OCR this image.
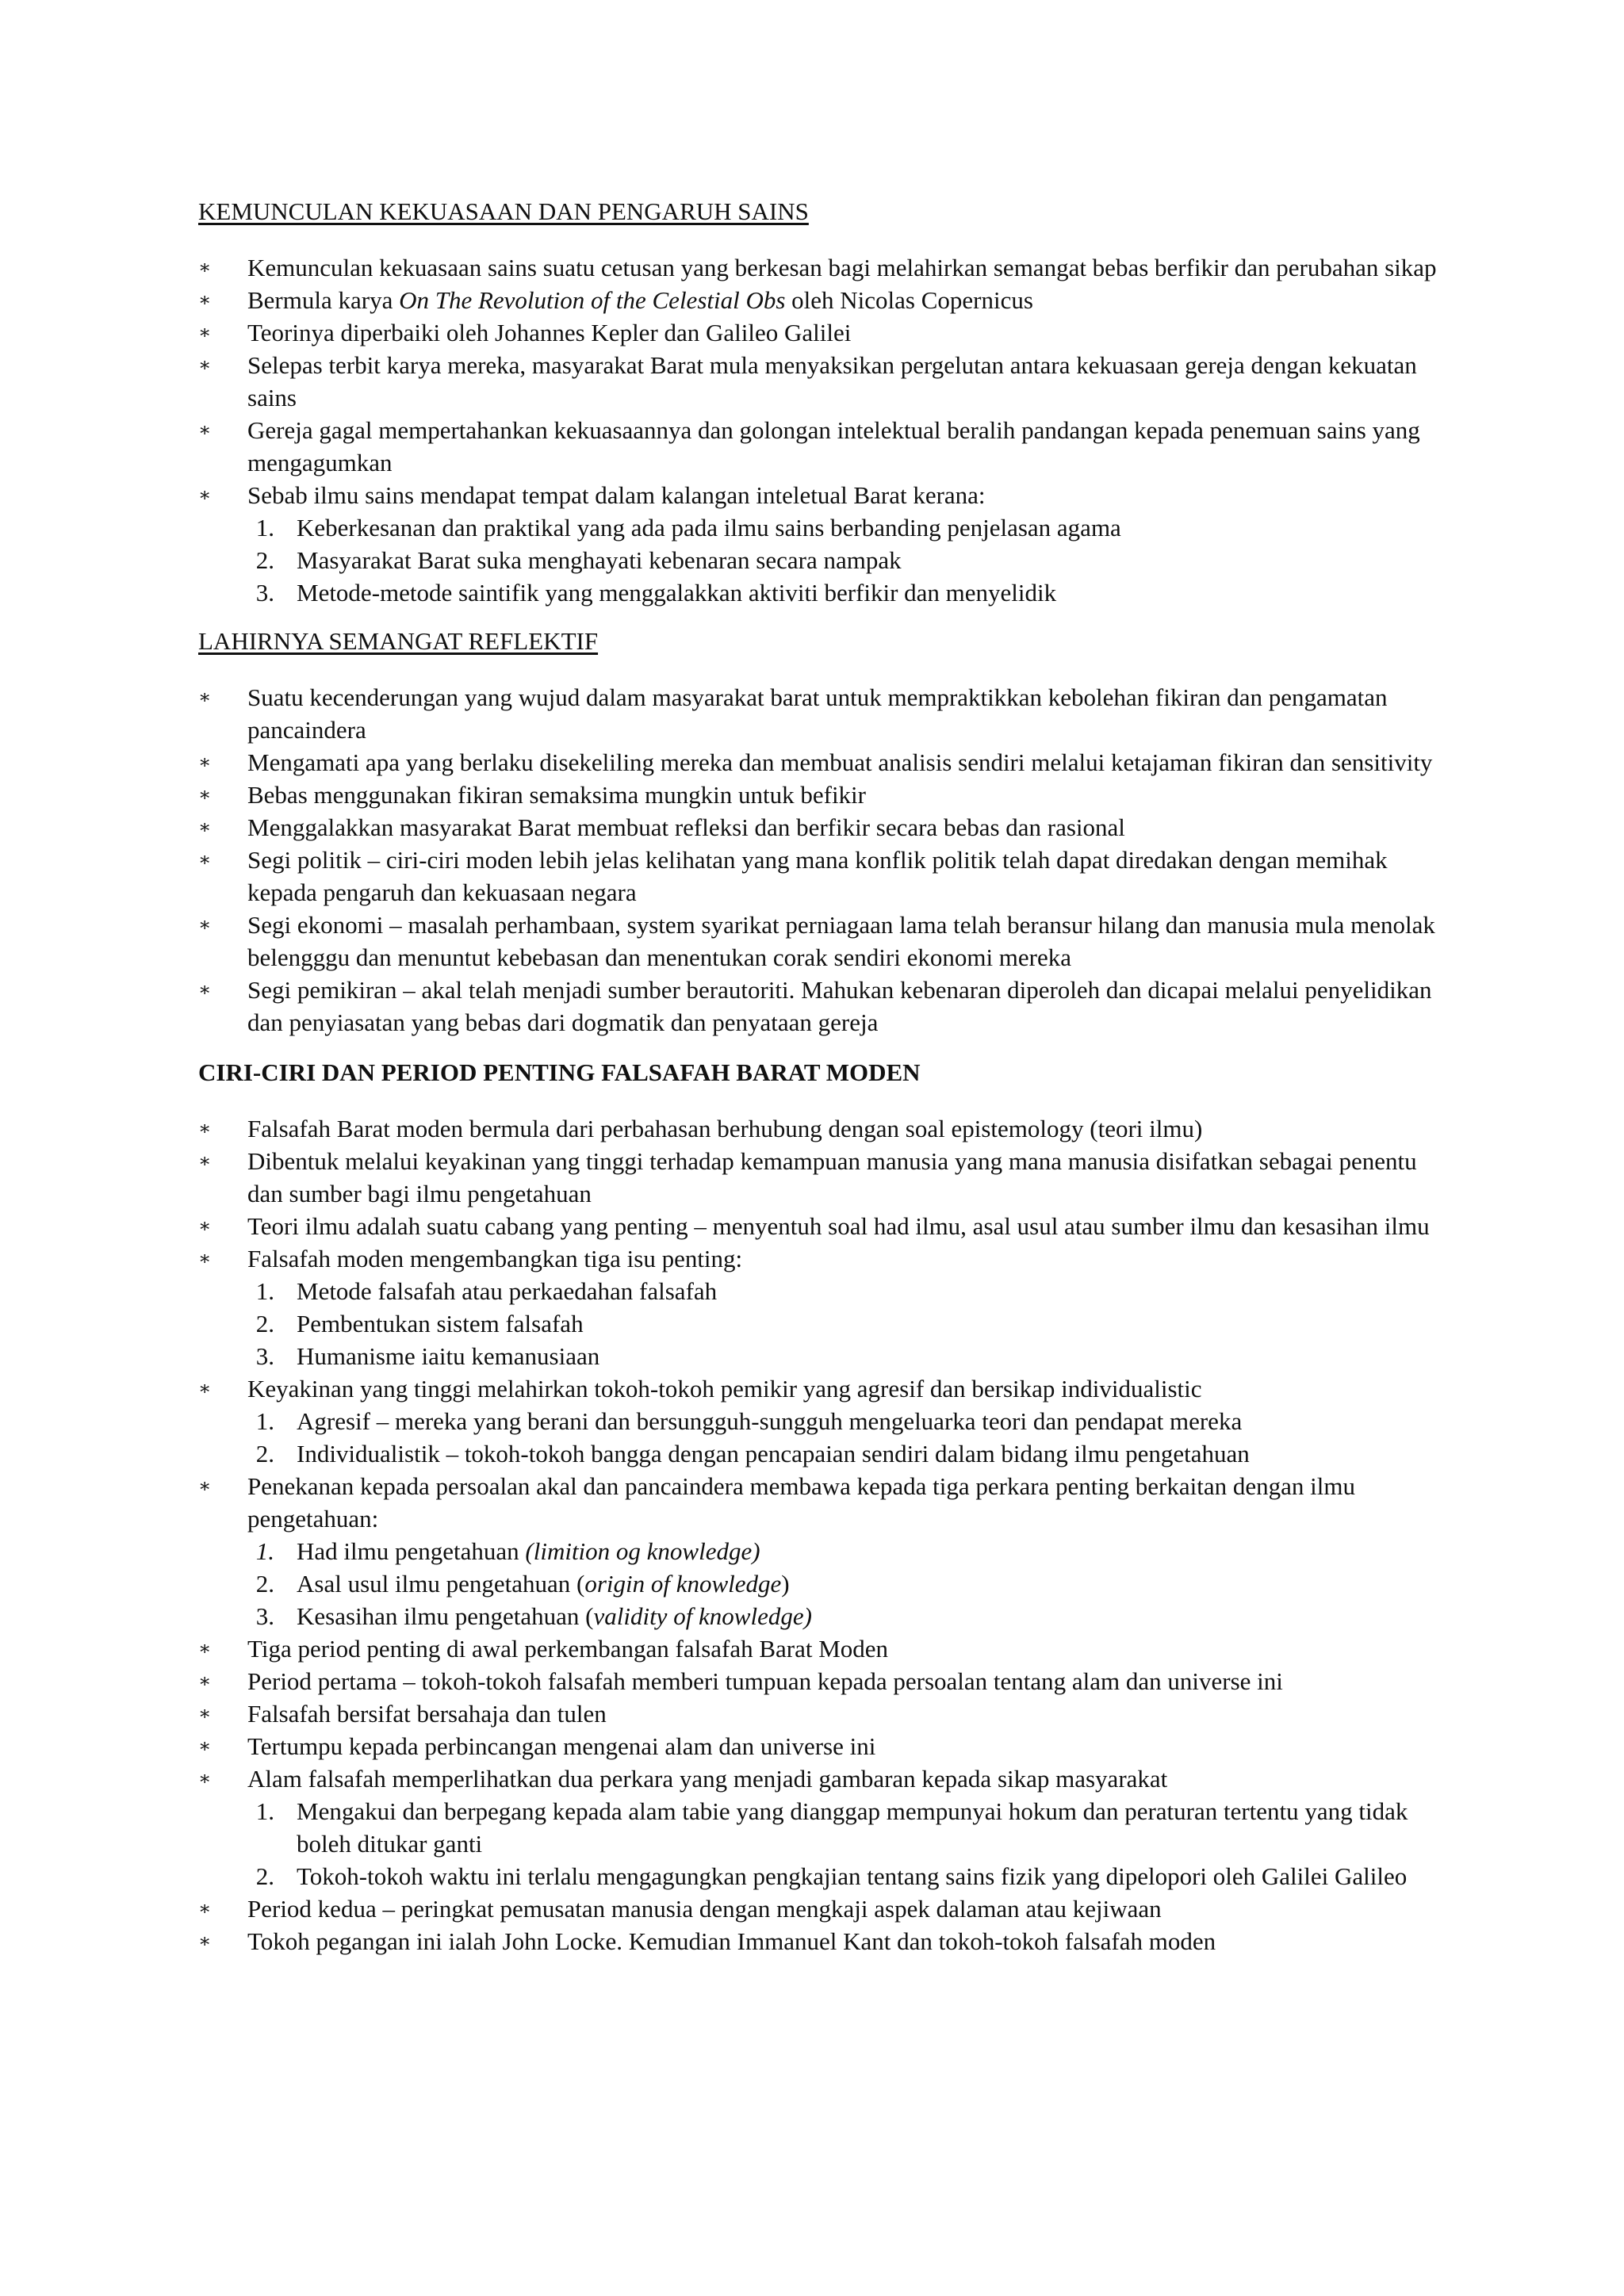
KEMUNCULAN KEKUASAAN DAN PENGARUH SAINS
∗ Kemunculan kekuasaan sains suatu cetusan yang berkesan bagi melahirkan semangat bebas berfikir dan perubahan sikap
∗ Bermula karya On The Revolution of the Celestial Obs oleh Nicolas Copernicus
∗ Teorinya diperbaiki oleh Johannes Kepler dan Galileo Galilei
∗ Selepas terbit karya mereka, masyarakat Barat mula menyaksikan pergelutan antara kekuasaan gereja dengan kekuatan sains
∗ Gereja gagal mempertahankan kekuasaannya dan golongan intelektual beralih pandangan kepada penemuan sains yang mengagumkan
∗ Sebab ilmu sains mendapat tempat dalam kalangan inteletual Barat kerana:
1. Keberkesanan dan praktikal yang ada pada ilmu sains berbanding penjelasan agama
2. Masyarakat Barat suka menghayati kebenaran secara nampak
3. Metode-metode saintifik yang menggalakkan aktiviti berfikir dan menyelidik
LAHIRNYA SEMANGAT REFLEKTIF
∗ Suatu kecenderungan yang wujud dalam masyarakat barat untuk mempraktikkan kebolehan fikiran dan pengamatan pancaindera
∗ Mengamati apa yang berlaku disekeliling mereka dan membuat analisis sendiri melalui ketajaman fikiran dan sensitivity
∗ Bebas menggunakan fikiran semaksima mungkin untuk befikir
∗ Menggalakkan masyarakat Barat membuat refleksi dan berfikir secara bebas dan rasional
∗ Segi politik – ciri-ciri moden lebih jelas kelihatan yang mana konflik politik telah dapat diredakan dengan memihak kepada pengaruh dan kekuasaan negara
∗ Segi ekonomi – masalah perhambaan, system syarikat perniagaan lama telah beransur hilang dan manusia mula menolak belengggu dan menuntut kebebasan dan menentukan corak sendiri ekonomi mereka
∗ Segi pemikiran – akal telah menjadi sumber berautoriti. Mahukan kebenaran diperoleh dan dicapai melalui penyelidikan dan penyiasatan yang bebas dari dogmatik dan penyataan gereja
CIRI-CIRI DAN PERIOD PENTING FALSAFAH BARAT MODEN
∗ Falsafah Barat moden bermula dari perbahasan berhubung dengan soal epistemology (teori ilmu)
∗ Dibentuk melalui keyakinan yang tinggi terhadap kemampuan manusia yang mana manusia disifatkan sebagai penentu dan sumber bagi ilmu pengetahuan
∗ Teori ilmu adalah suatu cabang yang penting – menyentuh soal had ilmu, asal usul atau sumber ilmu dan kesasihan ilmu
∗ Falsafah moden mengembangkan tiga isu penting:
1. Metode falsafah atau perkaedahan falsafah
2. Pembentukan sistem falsafah
3. Humanisme iaitu kemanusiaan
∗ Keyakinan yang tinggi melahirkan tokoh-tokoh pemikir yang agresif dan bersikap individualistic
1. Agresif – mereka yang berani dan bersungguh-sungguh mengeluarka teori dan pendapat mereka
2. Individualistik – tokoh-tokoh bangga dengan pencapaian sendiri dalam bidang ilmu pengetahuan
∗ Penekanan kepada persoalan akal dan pancaindera membawa kepada tiga perkara penting berkaitan dengan ilmu pengetahuan:
1. Had ilmu pengetahuan (limition og knowledge)
2. Asal usul ilmu pengetahuan (origin of knowledge)
3. Kesasihan ilmu pengetahuan (validity of knowledge)
∗ Tiga period penting di awal perkembangan falsafah Barat Moden
∗ Period pertama – tokoh-tokoh falsafah memberi tumpuan kepada persoalan tentang alam dan universe ini
∗ Falsafah bersifat bersahaja dan tulen
∗ Tertumpu kepada perbincangan mengenai alam dan universe ini
∗ Alam falsafah memperlihatkan dua perkara yang menjadi gambaran kepada sikap masyarakat
1. Mengakui dan berpegang kepada alam tabie yang dianggap mempunyai hokum dan peraturan tertentu yang tidak boleh ditukar ganti
2. Tokoh-tokoh waktu ini terlalu mengagungkan pengkajian tentang sains fizik yang dipelopori oleh Galilei Galileo
∗ Period kedua – peringkat pemusatan manusia dengan mengkaji aspek dalaman atau kejiwaan
∗ Tokoh pegangan ini ialah John Locke. Kemudian Immanuel Kant dan tokoh-tokoh falsafah moden
